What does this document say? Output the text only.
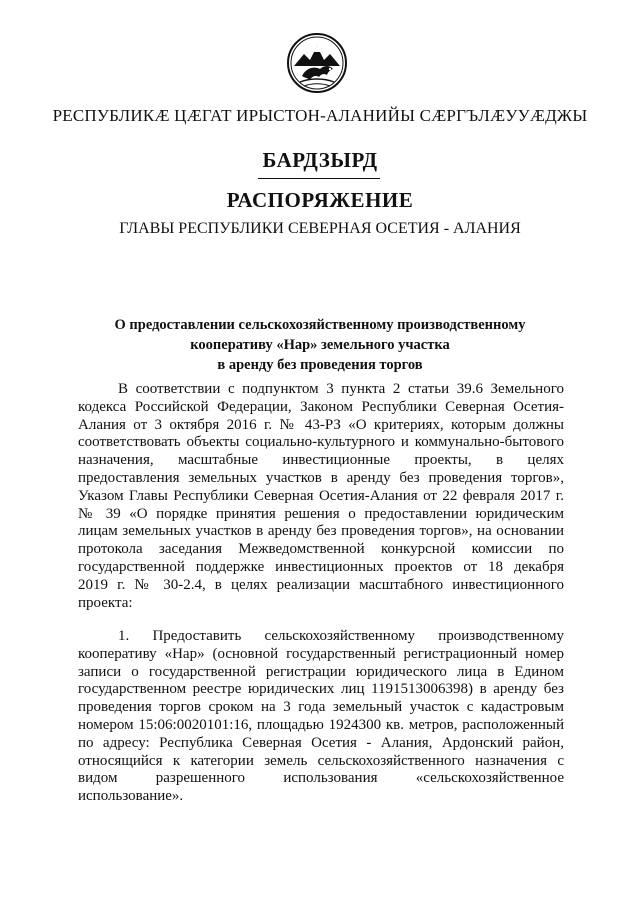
РЕСПУБЛИКÆ ЦÆГАТ ИРЫСТОН-АЛАНИЙЫ СÆРГЪЛÆУУÆДЖЫ
БАРДЗЫРД
РАСПОРЯЖЕНИЕ
ГЛАВЫ РЕСПУБЛИКИ СЕВЕРНАЯ ОСЕТИЯ - АЛАНИЯ
О предоставлении сельскохозяйственному производственному
кооперативу «Нар» земельного участка
в аренду без проведения торгов
В соответствии с подпунктом 3 пункта 2 статьи 39.6 Земельного
кодекса Российской Федерации, Законом Республики Северная Осетия-
Алания от 3 октября 2016 г. № 43-РЗ «О критериях, которым должны
соответствовать объекты социально-культурного и коммунально-бытового
назначения, масштабные инвестиционные проекты, в целях
предоставления земельных участков в аренду без проведения торгов»,
Указом Главы Республики Северная Осетия-Алания от 22 февраля 2017 г.
№ 39 «О порядке принятия решения о предоставлении юридическим
лицам земельных участков в аренду без проведения торгов», на основании
протокола заседания Межведомственной конкурсной комиссии по
государственной поддержке инвестиционных проектов от 18 декабря
2019 г. № 30-2.4, в целях реализации масштабного инвестиционного
проекта:
1. Предоставить сельскохозяйственному производственному
кооперативу «Нар» (основной государственный регистрационный номер
записи о государственной регистрации юридического лица в Едином
государственном реестре юридических лиц 1191513006398) в аренду без
проведения торгов сроком на 3 года земельный участок с кадастровым
номером 15:06:0020101:16, площадью 1924300 кв. метров, расположенный
по адресу: Республика Северная Осетия - Алания, Ардонский район,
относящийся к категории земель сельскохозяйственного назначения с
видом разрешенного использования «сельскохозяйственное
использование».
